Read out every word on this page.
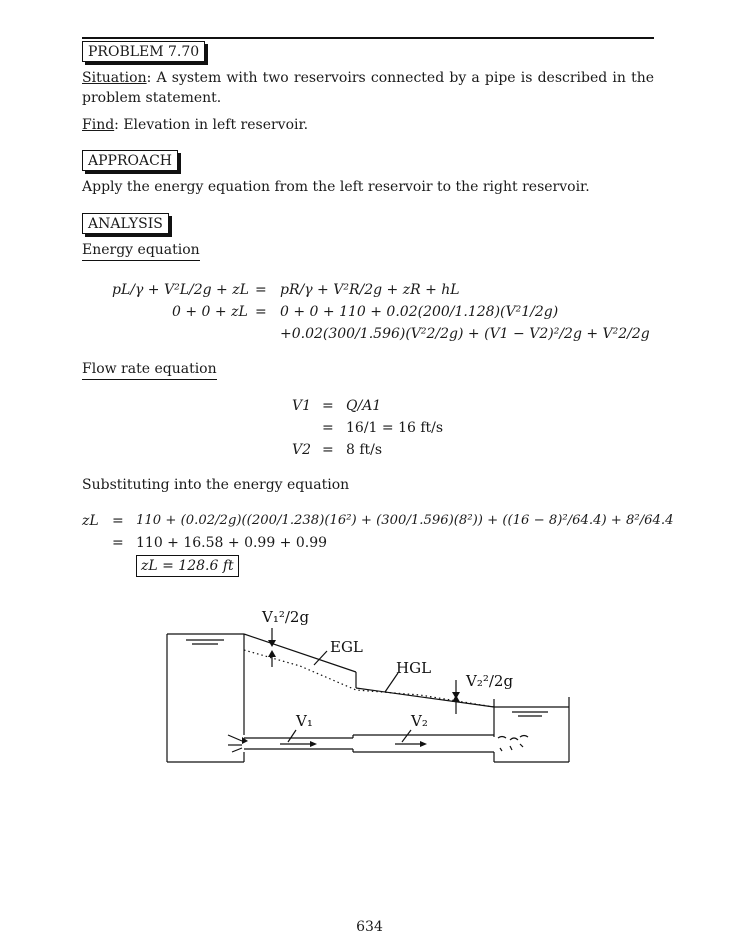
PROBLEM 7.70
Situation: A system with two reservoirs connected by a pipe is described in the problem statement.
Find: Elevation in left reservoir.
APPROACH
Apply the energy equation from the left reservoir to the right reservoir.
ANALYSIS
Energy equation
pL/γ + V²L/2g + zL = pR/γ + V²R/2g + zR + hL
0 + 0 + zL = 0 + 0 + 110 + 0.02(200/1.128)(V²1/2g)
+0.02(300/1.596)(V²2/2g) + (V1 − V2)²/2g + V²2/2g
Flow rate equation
V1 = Q/A1
= 16/1 = 16 ft/s
V2 = 8 ft/s
Substituting into the energy equation
zL = 110 + (0.02/2g)((200/1.238)(16²) + (300/1.596)(8²)) + ((16 − 8)²/64.4) + 8²/64.4
= 110 + 16.58 + 0.99 + 0.99
zL = 128.6 ft
V₁²/2g
EGL
HGL
V₂²/2g
V₁	V₂
634
